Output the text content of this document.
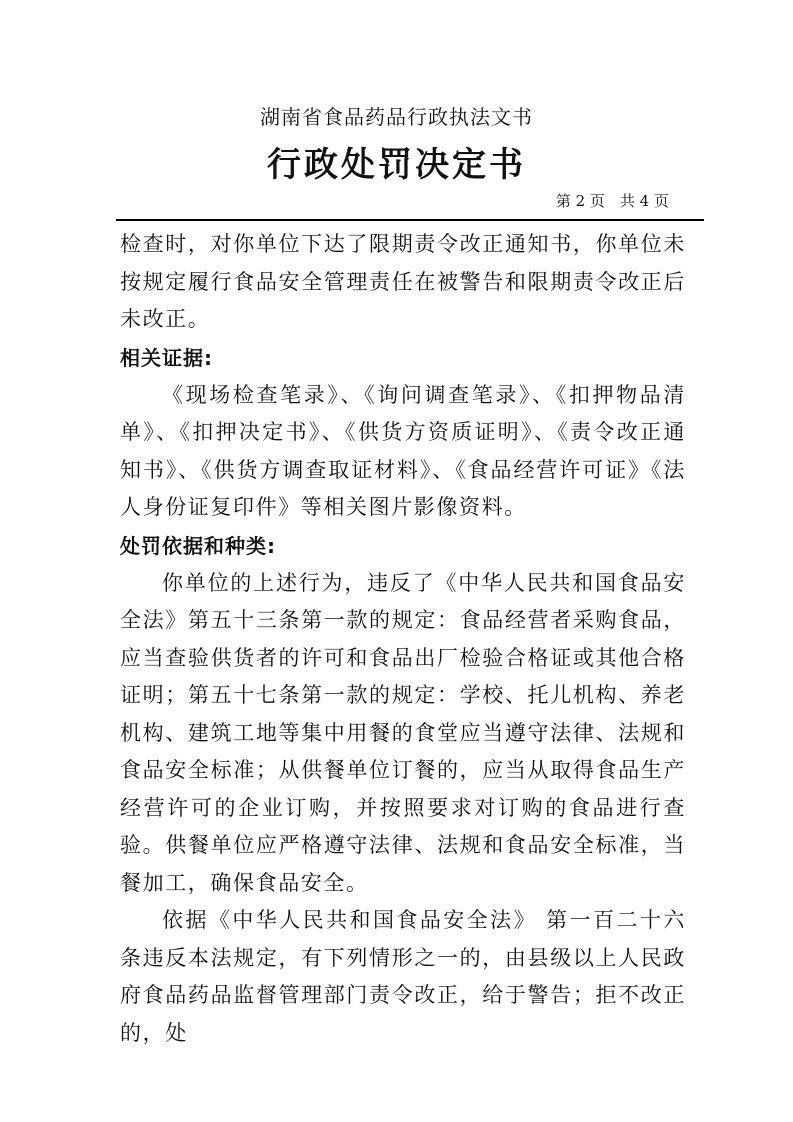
湖南省食品药品行政执法文书
行政处罚决定书
第 2 页　共 4 页

检查时，对你单位下达了限期责令改正通知书，你单位未按规定履行食品安全管理责任在被警告和限期责令改正后未改正。

相关证据:

《现场检查笔录》、《询问调查笔录》、《扣押物品清单》、《扣押决定书》、《供货方资质证明》、《责令改正通知书》、《供货方调查取证材料》、《食品经营许可证》《法人身份证复印件》等相关图片影像资料。

处罚依据和种类:

你单位的上述行为，违反了《中华人民共和国食品安全法》第五十三条第一款的规定：食品经营者采购食品，应当查验供货者的许可和食品出厂检验合格证或其他合格证明；第五十七条第一款的规定：学校、托儿机构、养老机构、建筑工地等集中用餐的食堂应当遵守法律、法规和食品安全标准；从供餐单位订餐的，应当从取得食品生产经营许可的企业订购，并按照要求对订购的食品进行查验。供餐单位应严格遵守法律、法规和食品安全标准，当餐加工，确保食品安全。

依据《中华人民共和国食品安全法》 第一百二十六条违反本法规定，有下列情形之一的，由县级以上人民政府食品药品监督管理部门责令改正，给于警告；拒不改正的，处
